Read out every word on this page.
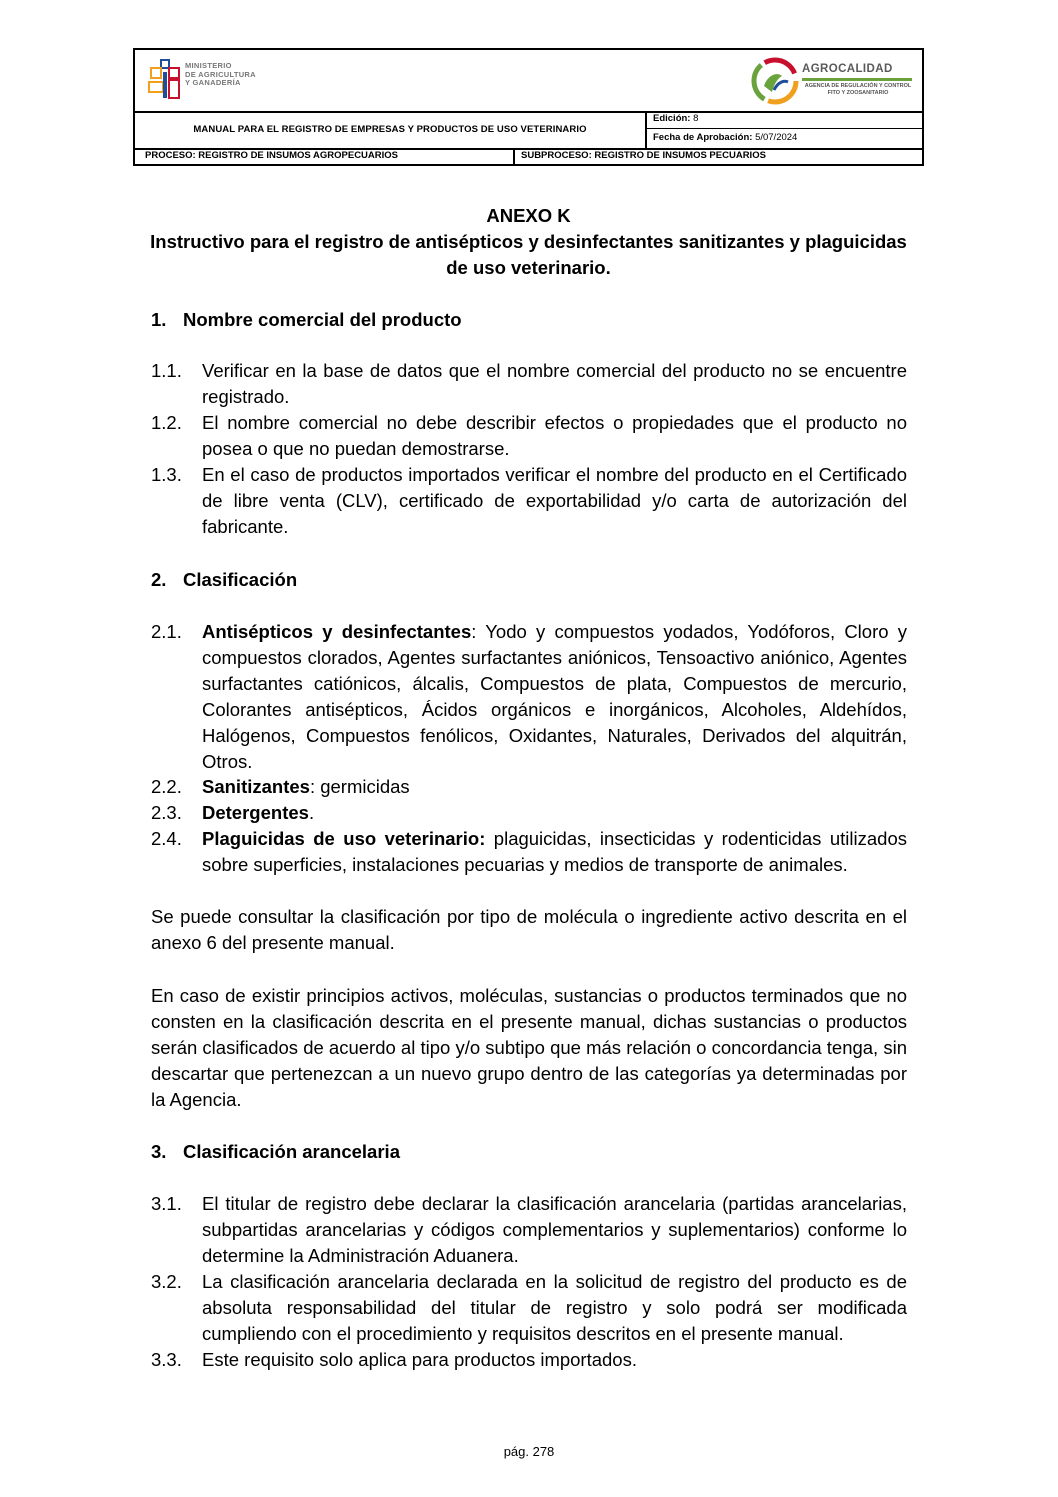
MINISTERIO
DE AGRICULTURA
Y GANADERÍA
AGROCALIDAD
AGENCIA DE REGULACIÓN Y CONTROL FITO Y ZOOSANITARIO
MANUAL PARA EL REGISTRO DE EMPRESAS Y PRODUCTOS DE USO VETERINARIO
Edición: 8
Fecha de Aprobación: 5/07/2024
PROCESO: REGISTRO DE INSUMOS AGROPECUARIOS	SUBPROCESO: REGISTRO DE INSUMOS PECUARIOS
ANEXO K
Instructivo para el registro de antisépticos y desinfectantes sanitizantes y plaguicidas de uso veterinario.
1. Nombre comercial del producto
1.1.	Verificar en la base de datos que el nombre comercial del producto no se encuentre registrado.
1.2.	El nombre comercial no debe describir efectos o propiedades que el producto no posea o que no puedan demostrarse.
1.3.	En el caso de productos importados verificar el nombre del producto en el Certificado de libre venta (CLV), certificado de exportabilidad y/o carta de autorización del fabricante.
2. Clasificación
2.1.	Antisépticos y desinfectantes: Yodo y compuestos yodados, Yodóforos, Cloro y compuestos clorados, Agentes surfactantes aniónicos, Tensoactivo aniónico, Agentes surfactantes catiónicos, álcalis, Compuestos de plata, Compuestos de mercurio, Colorantes antisépticos, Ácidos orgánicos e inorgánicos, Alcoholes, Aldehídos, Halógenos, Compuestos fenólicos, Oxidantes, Naturales, Derivados del alquitrán, Otros.
2.2.	Sanitizantes: germicidas
2.3.	Detergentes.
2.4.	Plaguicidas de uso veterinario: plaguicidas, insecticidas y rodenticidas utilizados sobre superficies, instalaciones pecuarias y medios de transporte de animales.
Se puede consultar la clasificación por tipo de molécula o ingrediente activo descrita en el anexo 6 del presente manual.
En caso de existir principios activos, moléculas, sustancias o productos terminados que no consten en la clasificación descrita en el presente manual, dichas sustancias o productos serán clasificados de acuerdo al tipo y/o subtipo que más relación o concordancia tenga, sin descartar que pertenezcan a un nuevo grupo dentro de las categorías ya determinadas por la Agencia.
3. Clasificación arancelaria
3.1.	El titular de registro debe declarar la clasificación arancelaria (partidas arancelarias, subpartidas arancelarias y códigos complementarios y suplementarios) conforme lo determine la Administración Aduanera.
3.2.	La clasificación arancelaria declarada en la solicitud de registro del producto es de absoluta responsabilidad del titular de registro y solo podrá ser modificada cumpliendo con el procedimiento y requisitos descritos en el presente manual.
3.3.	Este requisito solo aplica para productos importados.
pág. 278
